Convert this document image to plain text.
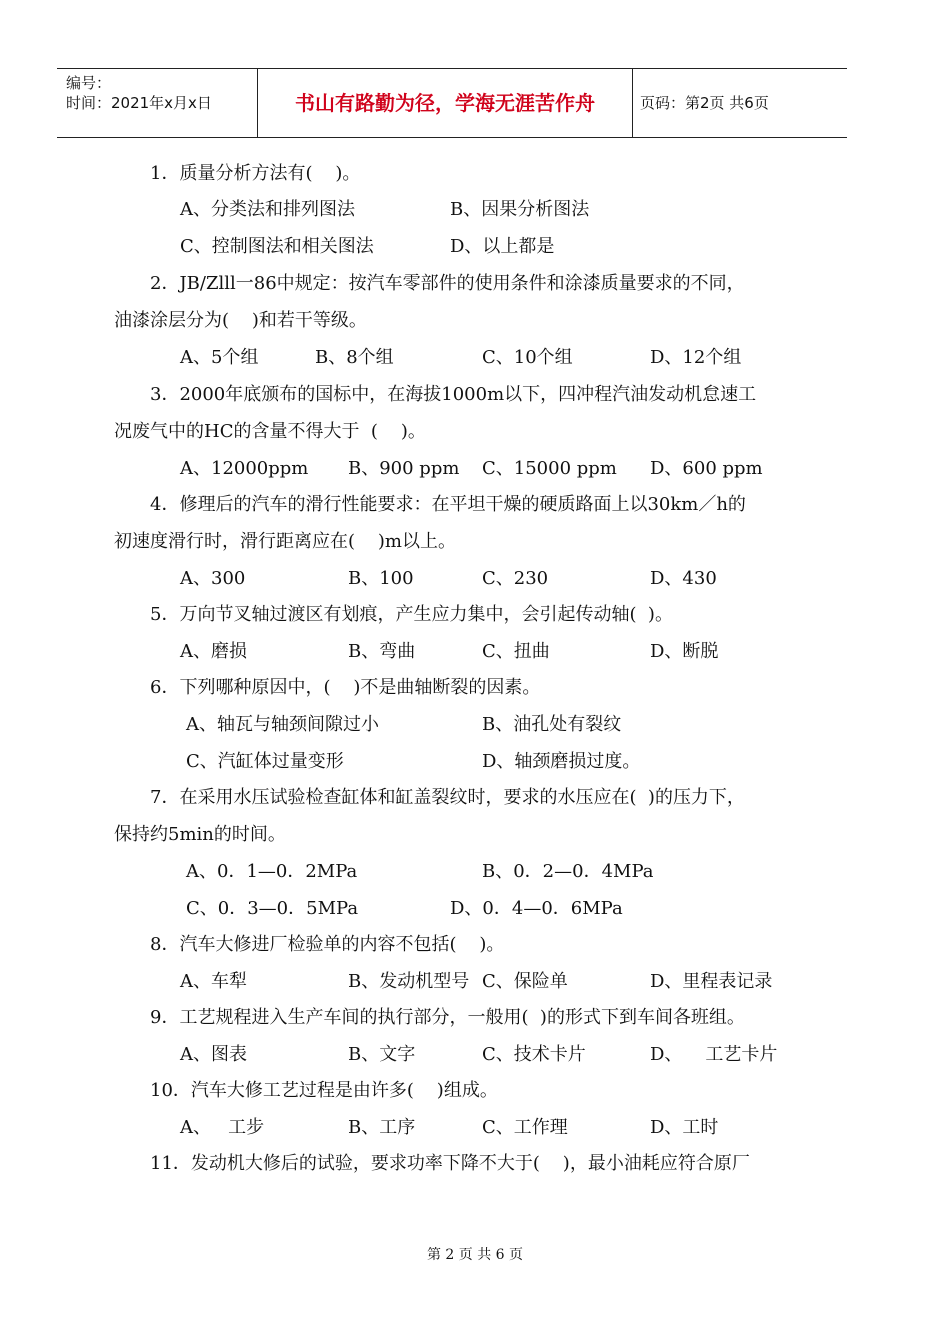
编号：
时间：2021年x月x日	书山有路勤为径，学海无涯苦作舟	页码：第2页 共6页
1．质量分析方法有(    )。
A、分类法和排列图法	B、因果分析图法
C、控制图法和相关图法	D、以上都是
2．JB/Zlll一86中规定：按汽车零部件的使用条件和涂漆质量要求的不同，
油漆涂层分为(    )和若干等级。
A、5个组	B、8个组	C、10个组	D、12个组
3．2000年底颁布的国标中，在海拔1000m以下，四冲程汽油发动机怠速工
况废气中的HC的含量不得大于  (    )。
A、12000ppm B、900 ppm C、15000 ppm D、600 ppm
4．修理后的汽车的滑行性能要求：在平坦干燥的硬质路面上以30km／h的
初速度滑行时，滑行距离应在(    )m以上。
A、300	B、100	C、230	D、430
5．万向节叉轴过渡区有划痕，产生应力集中，会引起传动轴(  )。
A、磨损	B、弯曲	C、扭曲	D、断脱
6．下列哪种原因中，(    )不是曲轴断裂的因素。
A、轴瓦与轴颈间隙过小	B、油孔处有裂纹
C、汽缸体过量变形	D、轴颈磨损过度。
7．在采用水压试验检查缸体和缸盖裂纹时，要求的水压应在(  )的压力下，
保持约5min的时间。
A、0．1—0．2MPa	B、0．2—0．4MPa
C、0．3—0．5MPa	D、0．4—0．6MPa
8．汽车大修进厂检验单的内容不包括(    )。
A、车犁	B、发动机型号 C、保险单	D、里程表记录
9．工艺规程进入生产车间的执行部分，一般用(  )的形式下到车间各班组。
A、图表	B、文字	C、技术卡片	D、    工艺卡片
10．汽车大修工艺过程是由许多(    )组成。
A、   工步	B、工序	C、工作理	D、工时
11．发动机大修后的试验，要求功率下降不大于(    )，最小油耗应符合原厂
第 2 页 共 6 页
